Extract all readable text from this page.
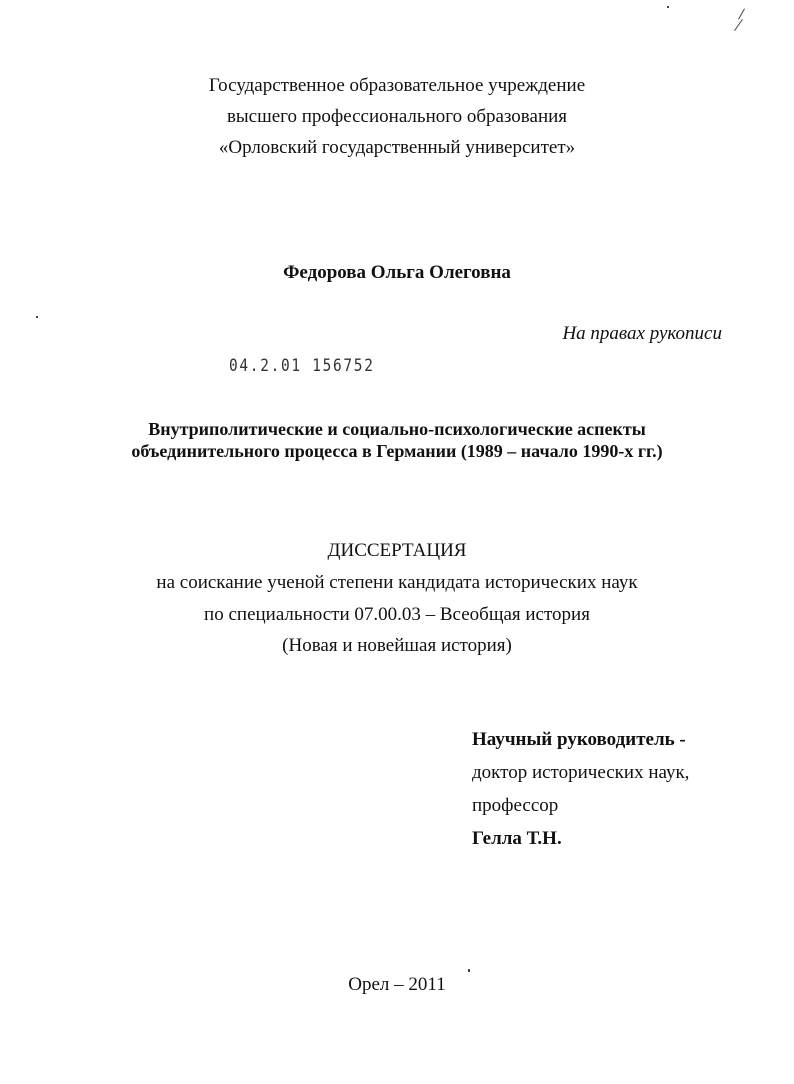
Государственное образовательное учреждение
высшего профессионального образования
«Орловский государственный университет»
Федорова Ольга Олеговна
На правах рукописи
04.2.01 156752
Внутриполитические и социально-психологические аспекты
объединительного процесса в Германии (1989 – начало 1990-х гг.)
ДИССЕРТАЦИЯ
на соискание ученой степени кандидата исторических наук
по специальности 07.00.03 – Всеобщая история
(Новая и новейшая история)
Научный руководитель -
доктор исторических наук,
профессор
Гелла Т.Н.
Орел – 2011
